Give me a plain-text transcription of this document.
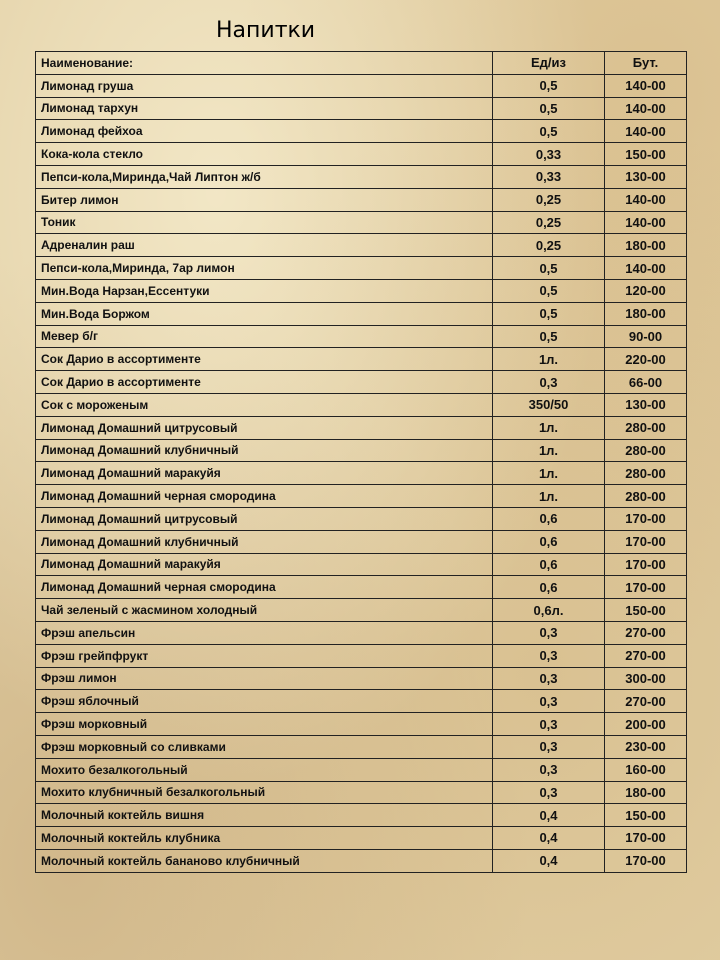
Напитки
Наименование:	Ед/из	Бут.
Лимонад груша	0,5	140-00
Лимонад тархун	0,5	140-00
Лимонад фейхоа	0,5	140-00
Кока-кола стекло	0,33	150-00
Пепси-кола,Миринда,Чай Липтон ж/б	0,33	130-00
Битер лимон	0,25	140-00
Тоник	0,25	140-00
Адреналин раш	0,25	180-00
Пепси-кола,Миринда, 7ар лимон	0,5	140-00
Мин.Вода Нарзан,Ессентуки	0,5	120-00
Мин.Вода Боржом	0,5	180-00
Мевер б/г	0,5	90-00
Сок Дарио в ассортименте	1л.	220-00
Сок Дарио в ассортименте	0,3	66-00
Сок с мороженым	350/50	130-00
Лимонад Домашний цитрусовый	1л.	280-00
Лимонад Домашний клубничный	1л.	280-00
Лимонад Домашний маракуйя	1л.	280-00
Лимонад Домашний черная смородина	1л.	280-00
Лимонад Домашний цитрусовый	0,6	170-00
Лимонад Домашний клубничный	0,6	170-00
Лимонад Домашний маракуйя	0,6	170-00
Лимонад Домашний черная смородина	0,6	170-00
Чай зеленый с жасмином холодный	0,6л.	150-00
Фрэш апельсин	0,3	270-00
Фрэш грейпфрукт	0,3	270-00
Фрэш лимон	0,3	300-00
Фрэш яблочный	0,3	270-00
Фрэш морковный	0,3	200-00
Фрэш морковный со сливками	0,3	230-00
Мохито безалкогольный	0,3	160-00
Мохито клубничный безалкогольный	0,3	180-00
Молочный коктейль вишня	0,4	150-00
Молочный коктейль клубника	0,4	170-00
Молочный коктейль бананово клубничный	0,4	170-00
